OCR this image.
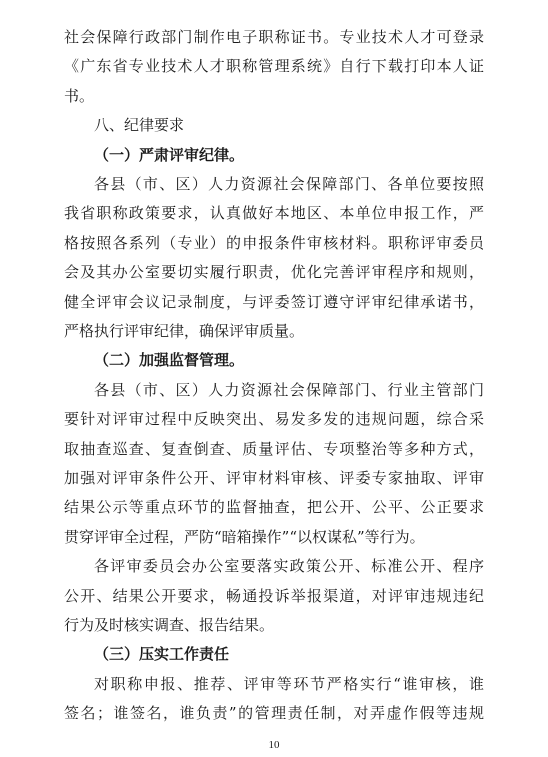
社会保障行政部门制作电子职称证书。专业技术人才可登录
《广东省专业技术人才职称管理系统》自行下载打印本人证
书。
八、纪律要求
（一）严肃评审纪律。
各县（市、区）人力资源社会保障部门、各单位要按照
我省职称政策要求，认真做好本地区、本单位申报工作，严
格按照各系列（专业）的申报条件审核材料。职称评审委员
会及其办公室要切实履行职责，优化完善评审程序和规则，
健全评审会议记录制度，与评委签订遵守评审纪律承诺书，
严格执行评审纪律，确保评审质量。
（二）加强监督管理。
各县（市、区）人力资源社会保障部门、行业主管部门
要针对评审过程中反映突出、易发多发的违规问题，综合采
取抽查巡查、复查倒查、质量评估、专项整治等多种方式，
加强对评审条件公开、评审材料审核、评委专家抽取、评审
结果公示等重点环节的监督抽查，把公开、公平、公正要求
贯穿评审全过程，严防“暗箱操作”“以权谋私”等行为。
各评审委员会办公室要落实政策公开、标准公开、程序
公开、结果公开要求，畅通投诉举报渠道，对评审违规违纪
行为及时核实调查、报告结果。
（三）压实工作责任
对职称申报、推荐、评审等环节严格实行“谁审核，谁
签名；谁签名，谁负责”的管理责任制，对弄虚作假等违规
10
